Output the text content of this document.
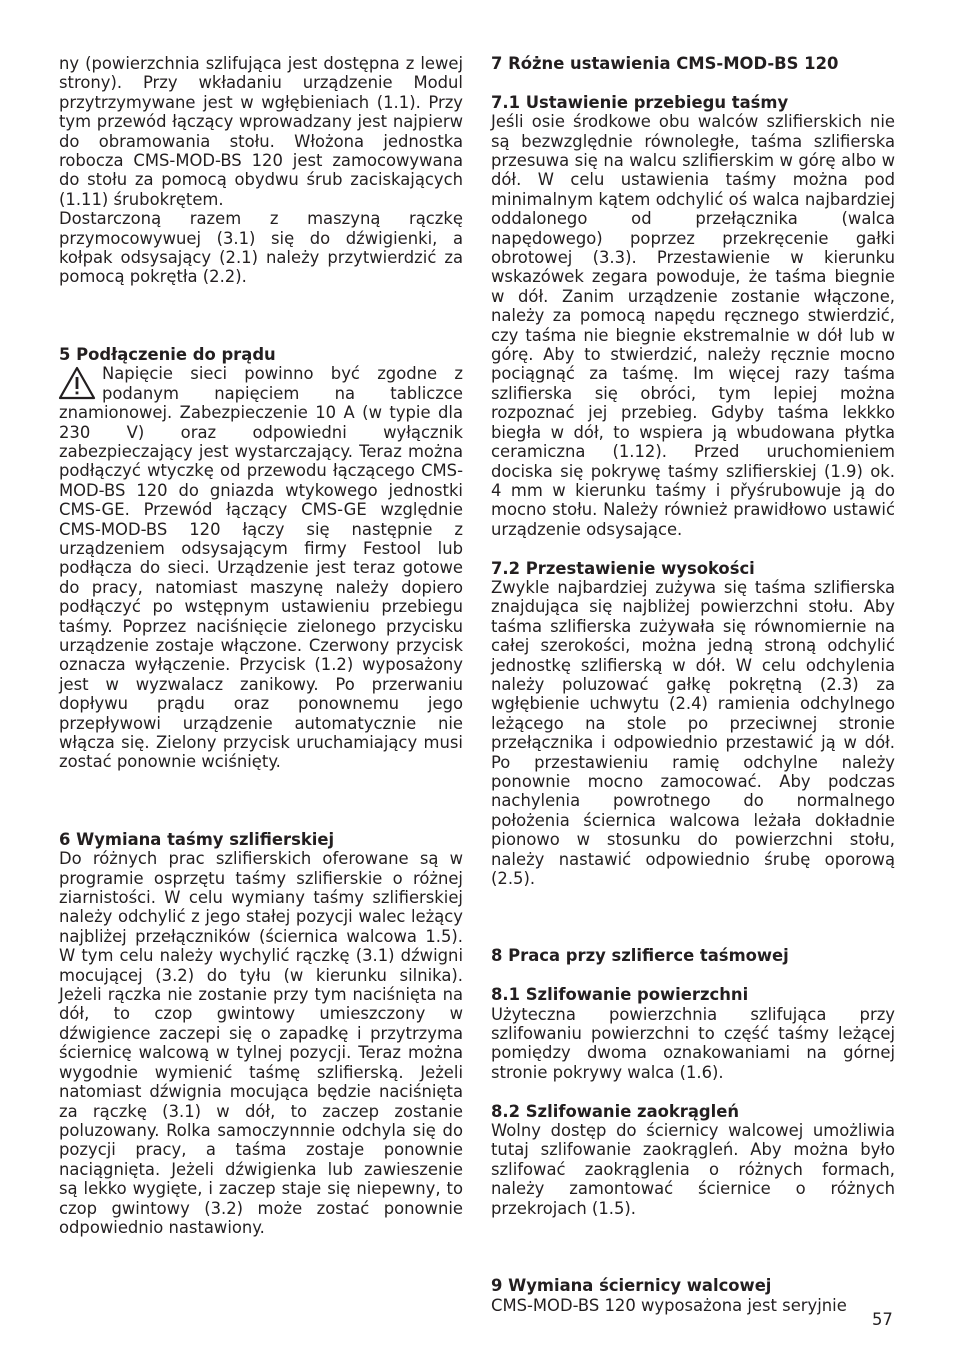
ny (powierzchnia szlifująca jest dostępna z lewej strony). Przy wkładaniu urządzenie Modul przytrzymywane jest w wgłębieniach (1.1). Przy tym przewód łączący wprowadzany jest najpierw do obramowania stołu. Włożona jednostka robocza CMS-MOD-BS 120 jest zamocowywana do stołu za pomocą obydwu śrub zaciskających (1.11) śrubokrętem.

Dostarczoną razem z maszyną rączkę przymocowywuej (3.1) się do dźwigienki, a kołpak odsysający (2.1) należy przytwierdzić za pomocą pokrętła (2.2).

5 Podłączenie do prądu

Napięcie sieci powinno być zgodne z podanym napięciem na tabliczce znamionowej. Zabezpieczenie 10 A (w typie dla 230 V) oraz odpowiedni wyłącznik zabezpieczający jest wystarczający. Teraz można podłączyć wtyczkę od przewodu łączącego CMS-MOD-BS 120 do gniazda wtykowego jednostki CMS-GE. Przewód łączący CMS-GE względnie CMS-MOD-BS 120 łączy się następnie z urządzeniem odsysającym firmy Festool lub podłącza do sieci. Urządzenie jest teraz gotowe do pracy, natomiast maszynę należy dopiero podłączyć po wstępnym ustawieniu przebiegu taśmy. Poprzez naciśnięcie zielonego przycisku urządzenie zostaje włączone. Czerwony przycisk oznacza wyłączenie. Przycisk (1.2) wyposażony jest w wyzwalacz zanikowy. Po przerwaniu dopływu prądu oraz ponownemu jego przepływowi urządzenie automatycznie nie włącza się. Zielony przycisk uruchamiający musi zostać ponownie wciśnięty.

6 Wymiana taśmy szlifierskiej

Do różnych prac szlifierskich oferowane są w programie osprzętu taśmy szlifierskie o różnej ziarnistości. W celu wymiany taśmy szlifierskiej należy odchylić z jego stałej pozycji walec leżący najbliżej przełączników (ściernica walcowa 1.5). W tym celu należy wychylić rączkę (3.1) dźwigni mocującej (3.2) do tyłu (w kierunku silnika). Jeżeli rączka nie zostanie przy tym naciśnięta na dół, to czop gwintowy umieszczony w dźwigience zaczepi się o zapadkę i przytrzyma ściernicę walcową w tylnej pozycji. Teraz można wygodnie wymienić taśmę szlifierską. Jeżeli natomiast dźwignia mocująca będzie naciśnięta za rączkę (3.1) w dół, to zaczep zostanie poluzowany. Rolka samoczynnnie odchyla się do pozycji pracy, a taśma zostaje ponownie naciągnięta. Jeżeli dźwigienka lub zawieszenie są lekko wygięte, i zaczep staje się niepewny, to czop gwintowy (3.2) może zostać ponownie odpowiednio nastawiony.

7 Różne ustawienia CMS-MOD-BS 120
7.1 Ustawienie przebiegu taśmy

Jeśli osie środkowe obu walców szlifierskich nie są bezwzględnie równoległe, taśma szlifierska przesuwa się na walcu szlifierskim w górę albo w dół. W celu ustawienia taśmy można pod minimalnym kątem odchylić oś walca najbardziej oddalonego od przełącznika (walca napędowego) poprzez przekręcenie gałki obrotowej (3.3). Przestawienie w kierunku wskazówek zegara powoduje, że taśma biegnie w dół. Zanim urządzenie zostanie włączone, należy za pomocą napędu ręcznego stwierdzić, czy taśma nie biegnie ekstremalnie w dół lub w górę. Aby to stwierdzić, należy ręcznie mocno pociągnąć za taśmę. Im więcej razy taśma szlifierska się obróci, tym lepiej można rozpoznać jej przebieg. Gdyby taśma lekkko biegła w dół, to wspiera ją wbudowana płytka ceramiczna (1.12). Przed uruchomieniem dociska się pokrywę taśmy szlifierskiej (1.9) ok. 4 mm w kierunku taśmy i přyśrubowuje ją do mocno stołu. Należy również prawidłowo ustawić urządzenie odsysające.

7.2 Przestawienie wysokości

Zwykle najbardziej zużywa się taśma szlifierska znajdująca się najbliżej powierzchni stołu. Aby taśma szlifierska zużywała się równomiernie na całej szerokości, można jedną stroną odchylić jednostkę szlifierską w dół. W celu odchylenia należy poluzować gałkę pokrętną (2.3) za wgłębienie uchwytu (2.4) ramienia odchylnego leżącego na stole po przeciwnej stronie przełącznika i odpowiednio przestawić ją w dół. Po przestawieniu ramię odchylne należy ponownie mocno zamocować. Aby podczas nachylenia powrotnego do normalnego położenia ściernica walcowa leżała dokładnie pionowo w stosunku do powierzchni stołu, należy nastawić odpowiednio śrubę oporową (2.5).

8 Praca przy szlifierce taśmowej
8.1 Szlifowanie powierzchni

Użyteczna powierzchnia szlifująca przy szlifowaniu powierzchni to część taśmy leżącej pomiędzy dwoma oznakowaniami na górnej stronie pokrywy walca (1.6).

8.2 Szlifowanie zaokrągleń

Wolny dostęp do ściernicy walcowej umożliwia tutaj szlifowanie zaokrągleń. Aby można było szlifować zaokrąglenia o różnych formach, należy zamontować ściernice o różnych przekrojach (1.5).

9 Wymiana ściernicy walcowej

CMS-MOD-BS 120 wyposażona jest seryjnie

57
